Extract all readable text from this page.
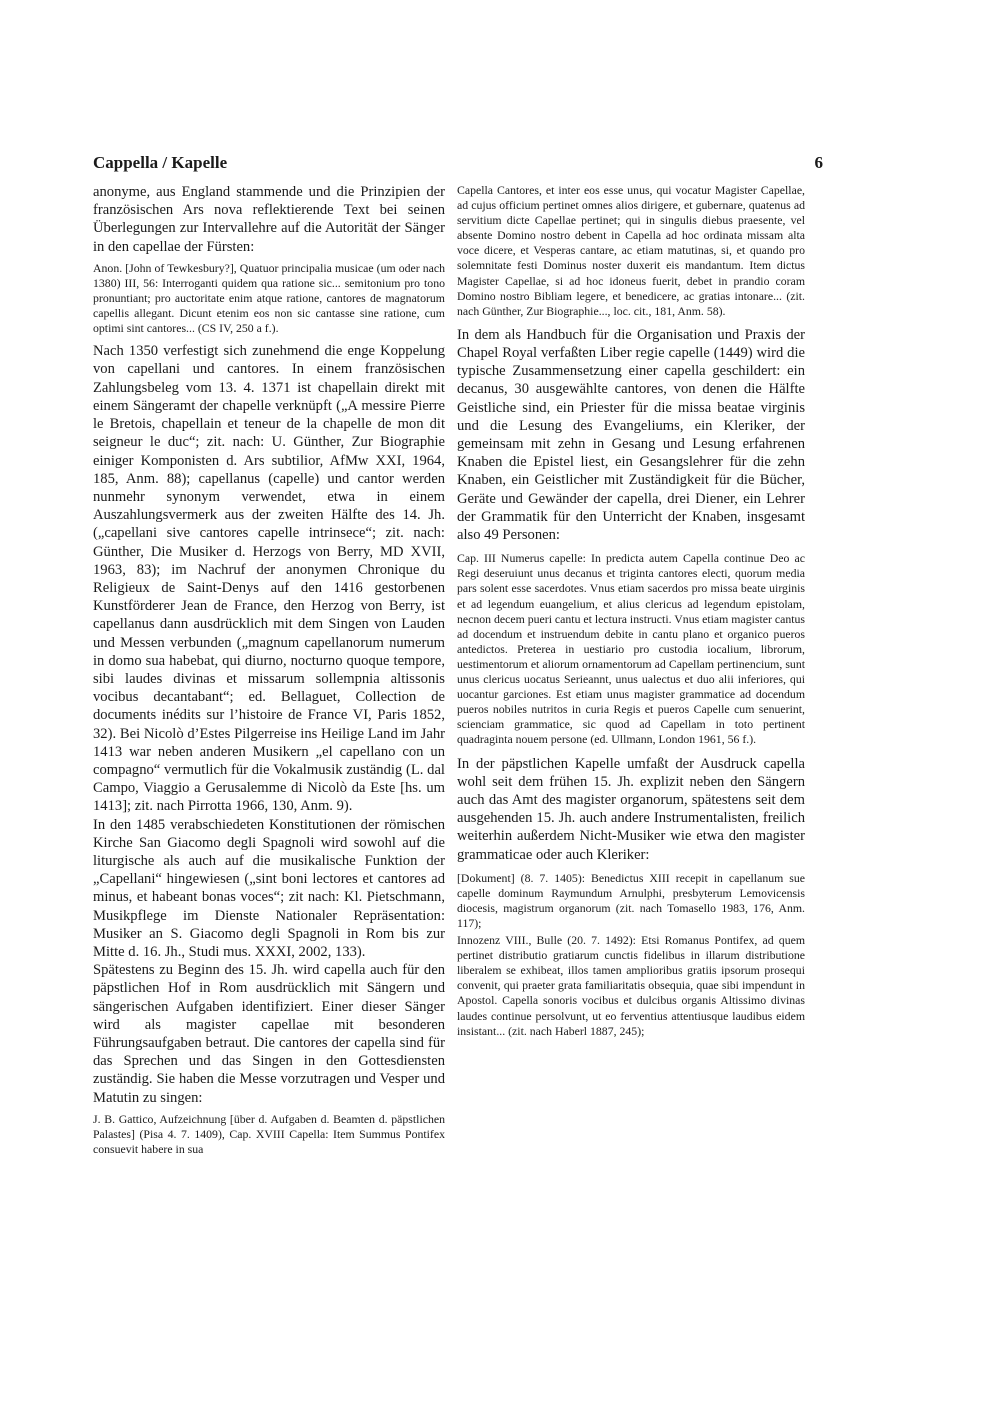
Cappella / Kapelle	6

anonyme, aus England stammende und die Prinzipien der französischen Ars nova reflektierende Text bei seinen Überlegungen zur Intervallehre auf die Autorität der Sänger in den capellae der Fürsten:

Anon. [John of Tewkesbury?], Quatuor principalia musicae (um oder nach 1380) III, 56: Interroganti quidem qua ratione sic... semitonium pro tono pronuntiant; pro auctoritate enim atque ratione, cantores de magnatorum capellis allegant. Dicunt etenim eos non sic cantasse sine ratione, cum optimi sint cantores... (CS IV, 250 a f.).

Nach 1350 verfestigt sich zunehmend die enge Koppelung von capellani und cantores. In einem französischen Zahlungsbeleg vom 13. 4. 1371 ist chapellain direkt mit einem Sängeramt der chapelle verknüpft („A messire Pierre le Bretois, chapellain et teneur de la chapelle de mon dit seigneur le duc“; zit. nach: U. Günther, Zur Biographie einiger Komponisten d. Ars subtilior, AfMw XXI, 1964, 185, Anm. 88); capellanus (capelle) und cantor werden nunmehr synonym verwendet, etwa in einem Auszahlungsvermerk aus der zweiten Hälfte des 14. Jh. („capellani sive cantores capelle intrinsece“; zit. nach: Günther, Die Musiker d. Herzogs von Berry, MD XVII, 1963, 83); im Nachruf der anonymen Chronique du Religieux de Saint-Denys auf den 1416 gestorbenen Kunstförderer Jean de France, den Herzog von Berry, ist capellanus dann ausdrücklich mit dem Singen von Lauden und Messen verbunden („magnum capellanorum numerum in domo sua habebat, qui diurno, nocturno quoque tempore, sibi laudes divinas et missarum sollempnia altissonis vocibus decantabant“; ed. Bellaguet, Collection de documents inédits sur l’histoire de France VI, Paris 1852, 32). Bei Nicolò d’Estes Pilgerreise ins Heilige Land im Jahr 1413 war neben anderen Musikern „el capellano con un compagno“ vermutlich für die Vokalmusik zuständig (L. dal Campo, Viaggio a Gerusalemme di Nicolò da Este [hs. um 1413]; zit. nach Pirrotta 1966, 130, Anm. 9).

In den 1485 verabschiedeten Konstitutionen der römischen Kirche San Giacomo degli Spagnoli wird sowohl auf die liturgische als auch auf die musikalische Funktion der „Capellani“ hingewiesen („sint boni lectores et cantores ad minus, et habeant bonas voces“; zit nach: Kl. Pietschmann, Musikpflege im Dienste Nationaler Repräsentation: Musiker an S. Giacomo degli Spagnoli in Rom bis zur Mitte d. 16. Jh., Studi mus. XXXI, 2002, 133).

Spätestens zu Beginn des 15. Jh. wird capella auch für den päpstlichen Hof in Rom ausdrücklich mit Sängern und sängerischen Aufgaben identifiziert. Einer dieser Sänger wird als magister capellae mit besonderen Führungsaufgaben betraut. Die cantores der capella sind für das Sprechen und das Singen in den Gottesdiensten zuständig. Sie haben die Messe vorzutragen und Vesper und Matutin zu singen:

J. B. Gattico, Aufzeichnung [über d. Aufgaben d. Beamten d. päpstlichen Palastes] (Pisa 4. 7. 1409), Cap. XVIII Capella: Item Summus Pontifex consuevit habere in sua

Capella Cantores, et inter eos esse unus, qui vocatur Magister Capellae, ad cujus officium pertinet omnes alios dirigere, et gubernare, quatenus ad servitium dicte Capellae pertinet; qui in singulis diebus praesente, vel absente Domino nostro debent in Capella ad hoc ordinata missam alta voce dicere, et Vesperas cantare, ac etiam matutinas, si, et quando pro solemnitate festi Dominus noster duxerit eis mandantum. Item dictus Magister Capellae, si ad hoc idoneus fuerit, debet in prandio coram Domino nostro Bibliam legere, et benedicere, ac gratias intonare... (zit. nach Günther, Zur Biographie..., loc. cit., 181, Anm. 58).

In dem als Handbuch für die Organisation und Praxis der Chapel Royal verfaßten Liber regie capelle (1449) wird die typische Zusammensetzung einer capella geschildert: ein decanus, 30 ausgewählte cantores, von denen die Hälfte Geistliche sind, ein Priester für die missa beatae virginis und die Lesung des Evangeliums, ein Kleriker, der gemeinsam mit zehn in Gesang und Lesung erfahrenen Knaben die Epistel liest, ein Gesangslehrer für die zehn Knaben, ein Geistlicher mit Zuständigkeit für die Bücher, Geräte und Gewänder der capella, drei Diener, ein Lehrer der Grammatik für den Unterricht der Knaben, insgesamt also 49 Personen:

Cap. III Numerus capelle: In predicta autem Capella continue Deo ac Regi deseruiunt unus decanus et triginta cantores electi, quorum media pars solent esse sacerdotes. Vnus etiam sacerdos pro missa beate uirginis et ad legendum euangelium, et alius clericus ad legendum epistolam, necnon decem pueri cantu et lectura instructi. Vnus etiam magister cantus ad docendum et instruendum debite in cantu plano et organico pueros antedictos. Preterea in uestiario pro custodia iocalium, librorum, uestimentorum et aliorum ornamentorum ad Capellam pertinencium, sunt unus clericus uocatus Serieannt, unus ualectus et duo alii inferiores, qui uocantur garciones. Est etiam unus magister grammatice ad docendum pueros nobiles nutritos in curia Regis et pueros Capelle cum senuerint, scienciam grammatice, sic quod ad Capellam in toto pertinent quadraginta nouem persone (ed. Ullmann, London 1961, 56 f.).

In der päpstlichen Kapelle umfaßt der Ausdruck capella wohl seit dem frühen 15. Jh. explizit neben den Sängern auch das Amt des magister organorum, spätestens seit dem ausgehenden 15. Jh. auch andere Instrumentalisten, freilich weiterhin außerdem Nicht-Musiker wie etwa den magister grammaticae oder auch Kleriker:

[Dokument] (8. 7. 1405): Benedictus XIII recepit in capellanum sue capelle dominum Raymundum Arnulphi, presbyterum Lemovicensis diocesis, magistrum organorum (zit. nach Tomasello 1983, 176, Anm. 117);

Innozenz VIII., Bulle (20. 7. 1492): Etsi Romanus Pontifex, ad quem pertinet distributio gratiarum cunctis fidelibus in illarum distributione liberalem se exhibeat, illos tamen amplioribus gratiis ipsorum prosequi convenit, qui praeter grata familiaritatis obsequia, quae sibi impendunt in Apostol. Capella sonoris vocibus et dulcibus organis Altissimo divinas laudes continue persolvunt, ut eo ferventius attentiusque laudibus eidem insistant... (zit. nach Haberl 1887, 245);
